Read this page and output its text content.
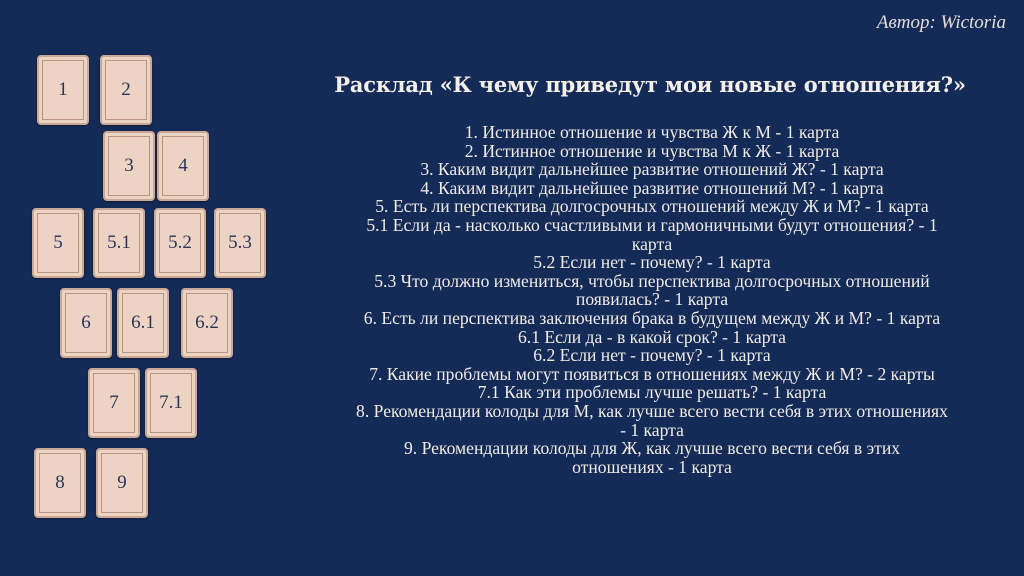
Автор: Wictoria
Расклад «К чему приведут мои новые отношения?»
1	2
3	4
5	5.1	5.2	5.3
6	6.1	6.2
7	7.1
8	9
1. Истинное отношение и чувства Ж к М - 1 карта
2. Истинное отношение и чувства М к Ж - 1 карта
3. Каким видит дальнейшее развитие отношений Ж? - 1 карта
4. Каким видит дальнейшее развитие отношений М? - 1 карта
5. Есть ли перспектива долгосрочных отношений между Ж и М? - 1 карта
5.1 Если да - насколько счастливыми и гармоничными будут отношения? - 1
карта
5.2 Если нет - почему? - 1 карта
5.3 Что должно измениться, чтобы перспектива долгосрочных отношений
появилась? - 1 карта
6. Есть ли перспектива заключения брака в будущем между Ж и М? - 1 карта
6.1 Если да - в какой срок? - 1 карта
6.2 Если нет - почему? - 1 карта
7. Какие проблемы могут появиться в отношениях между Ж и М? - 2 карты
7.1 Как эти проблемы лучше решать? - 1 карта
8. Рекомендации колоды для М, как лучше всего вести себя в этих отношениях
- 1 карта
9. Рекомендации колоды для Ж, как лучше всего вести себя в этих
отношениях - 1 карта
